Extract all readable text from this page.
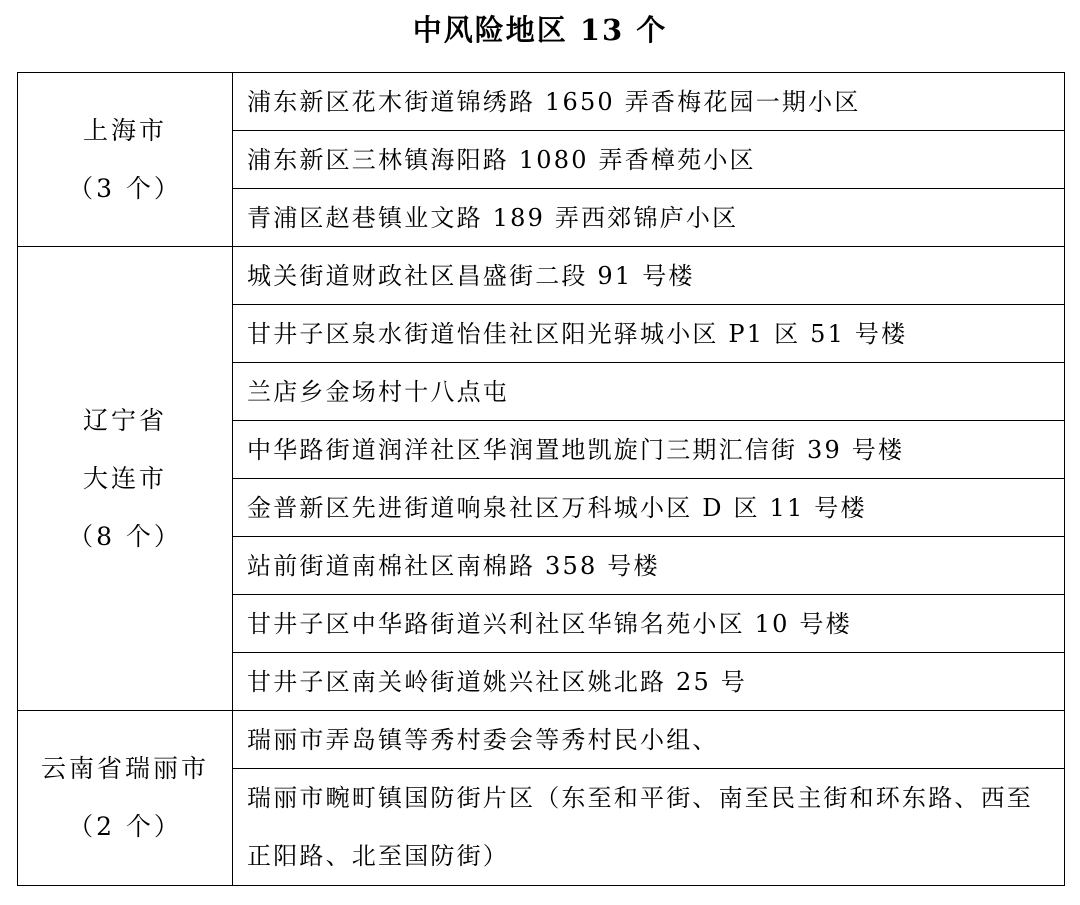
中风险地区 13 个
上海市
（3 个）	浦东新区花木街道锦绣路 1650 弄香梅花园一期小区
	浦东新区三林镇海阳路 1080 弄香樟苑小区
	青浦区赵巷镇业文路 189 弄西郊锦庐小区

辽宁省
大连市
（8 个）	城关街道财政社区昌盛街二段 91 号楼
	甘井子区泉水街道怡佳社区阳光驿城小区 P1 区 51 号楼
	兰店乡金场村十八点屯
	中华路街道润洋社区华润置地凯旋门三期汇信街 39 号楼
	金普新区先进街道响泉社区万科城小区 D 区 11 号楼
	站前街道南棉社区南棉路 358 号楼
	甘井子区中华路街道兴利社区华锦名苑小区 10 号楼
	甘井子区南关岭街道姚兴社区姚北路 25 号

云南省瑞丽市
（2 个）	瑞丽市弄岛镇等秀村委会等秀村民小组、
	瑞丽市畹町镇国防街片区（东至和平街、南至民主街和环东路、西至正阳路、北至国防街）
